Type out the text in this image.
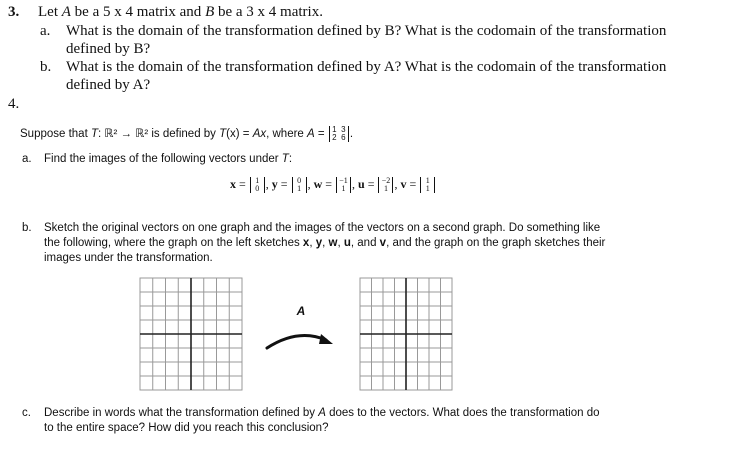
3. Let A be a 5 x 4 matrix and B be a 3 x 4 matrix.
a. What is the domain of the transformation defined by B? What is the codomain of the transformation
defined by B?
b. What is the domain of the transformation defined by A? What is the codomain of the transformation
defined by A?
4.
Suppose that T: ℝ² → ℝ² is defined by T(x) = Ax, where A = 1 3
2 6 .
a. Find the images of the following vectors under T:
x = 1
0 , y = 0
1 , w = −1
1 , u = −2
1 , v = 1
1
b. Sketch the original vectors on one graph and the images of the vectors on a second graph. Do something like
the following, where the graph on the left sketches x, y, w, u, and v, and the graph on the graph sketches their
images under the transformation.
A
c. Describe in words what the transformation defined by A does to the vectors. What does the transformation do
to the entire space? How did you reach this conclusion?
